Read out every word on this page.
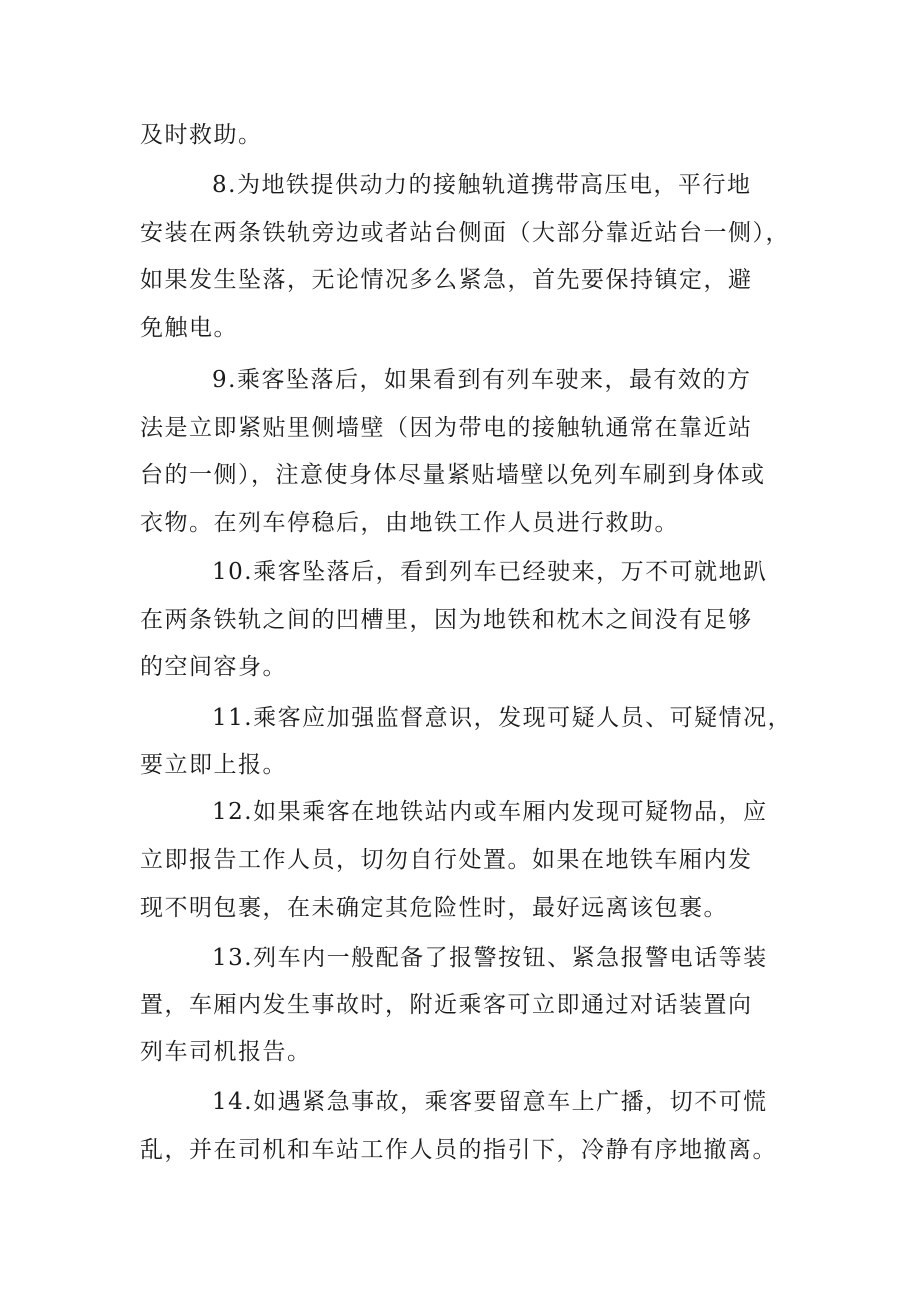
及时救助。
8.为地铁提供动力的接触轨道携带高压电，平行地
安装在两条铁轨旁边或者站台侧面（大部分靠近站台一侧），
如果发生坠落，无论情况多么紧急，首先要保持镇定，避
免触电。
9.乘客坠落后，如果看到有列车驶来，最有效的方
法是立即紧贴里侧墙壁（因为带电的接触轨通常在靠近站
台的一侧），注意使身体尽量紧贴墙壁以免列车刷到身体或
衣物。在列车停稳后，由地铁工作人员进行救助。
10.乘客坠落后，看到列车已经驶来，万不可就地趴
在两条铁轨之间的凹槽里，因为地铁和枕木之间没有足够
的空间容身。
11.乘客应加强监督意识，发现可疑人员、可疑情况，
要立即上报。
12.如果乘客在地铁站内或车厢内发现可疑物品，应
立即报告工作人员，切勿自行处置。如果在地铁车厢内发
现不明包裹，在未确定其危险性时，最好远离该包裹。
13.列车内一般配备了报警按钮、紧急报警电话等装
置，车厢内发生事故时，附近乘客可立即通过对话装置向
列车司机报告。
14.如遇紧急事故，乘客要留意车上广播，切不可慌
乱，并在司机和车站工作人员的指引下，冷静有序地撤离。
